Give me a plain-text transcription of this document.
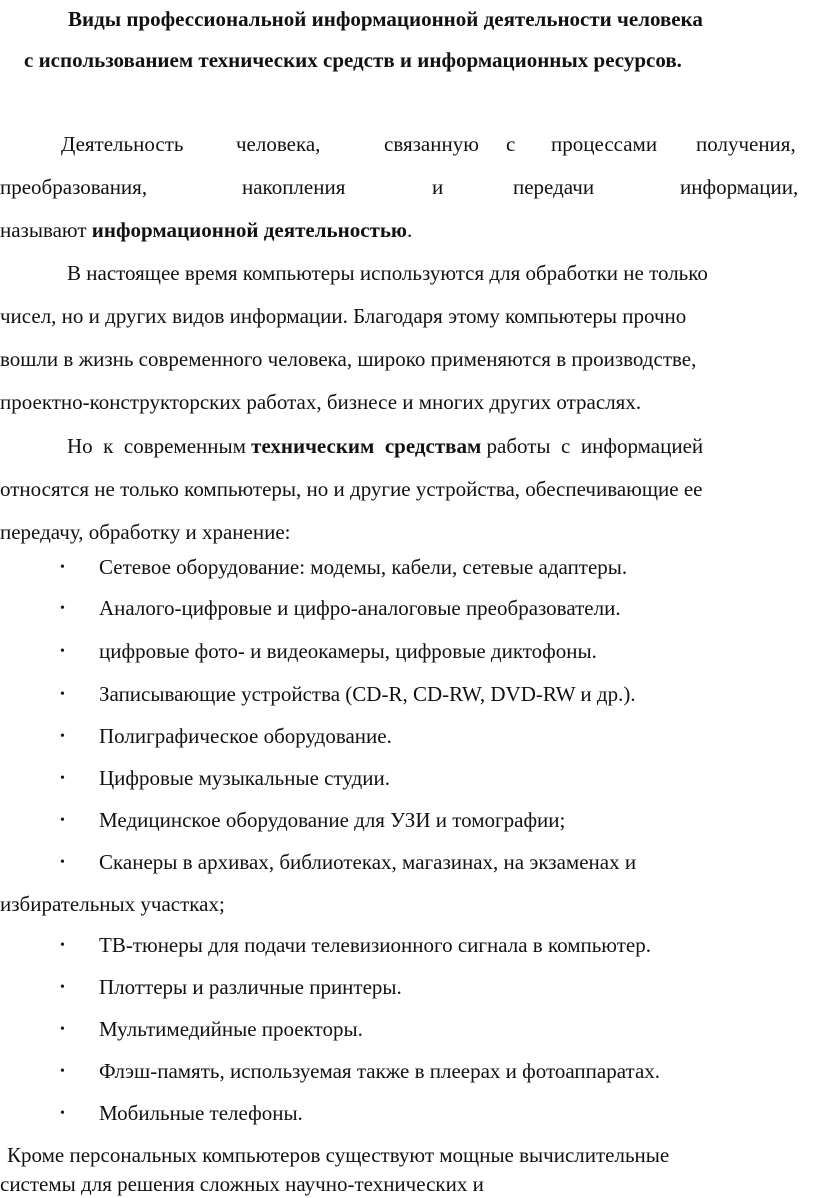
Виды профессиональной информационной деятельности человека
с использованием технических средств и информационных ресурсов.
Деятельность	человека,	связанную с процессами получения,
преобразования,	накопления	и	передачи	информации,
называют информационной деятельностью.
В настоящее время компьютеры используются для обработки не только
чисел, но и других видов информации. Благодаря этому компьютеры прочно
вошли в жизнь современного человека, широко применяются в производстве,
проектно-конструкторских работах, бизнесе и многих других отраслях.
Но  к  современным техническим  средствам работы  с  информацией
относятся не только компьютеры, но и другие устройства, обеспечивающие ее
передачу, обработку и хранение:
• Сетевое оборудование: модемы, кабели, сетевые адаптеры.
• Аналого-цифровые и цифро-аналоговые преобразователи.
• цифровые фото- и видеокамеры, цифровые диктофоны.
• Записывающие устройства (CD-R, CD-RW, DVD-RW и др.).
• Полиграфическое оборудование.
• Цифровые музыкальные студии.
• Медицинское оборудование для УЗИ и томографии;
• Сканеры в архивах, библиотеках, магазинах, на экзаменах и
избирательных участках;
• ТВ-тюнеры для подачи телевизионного сигнала в компьютер.
• Плоттеры и различные принтеры.
• Мультимедийные проекторы.
• Флэш-память, используемая также в плеерах и фотоаппаратах.
• Мобильные телефоны.
Кроме персональных компьютеров существуют мощные вычислительные
системы для решения сложных научно-технических и
